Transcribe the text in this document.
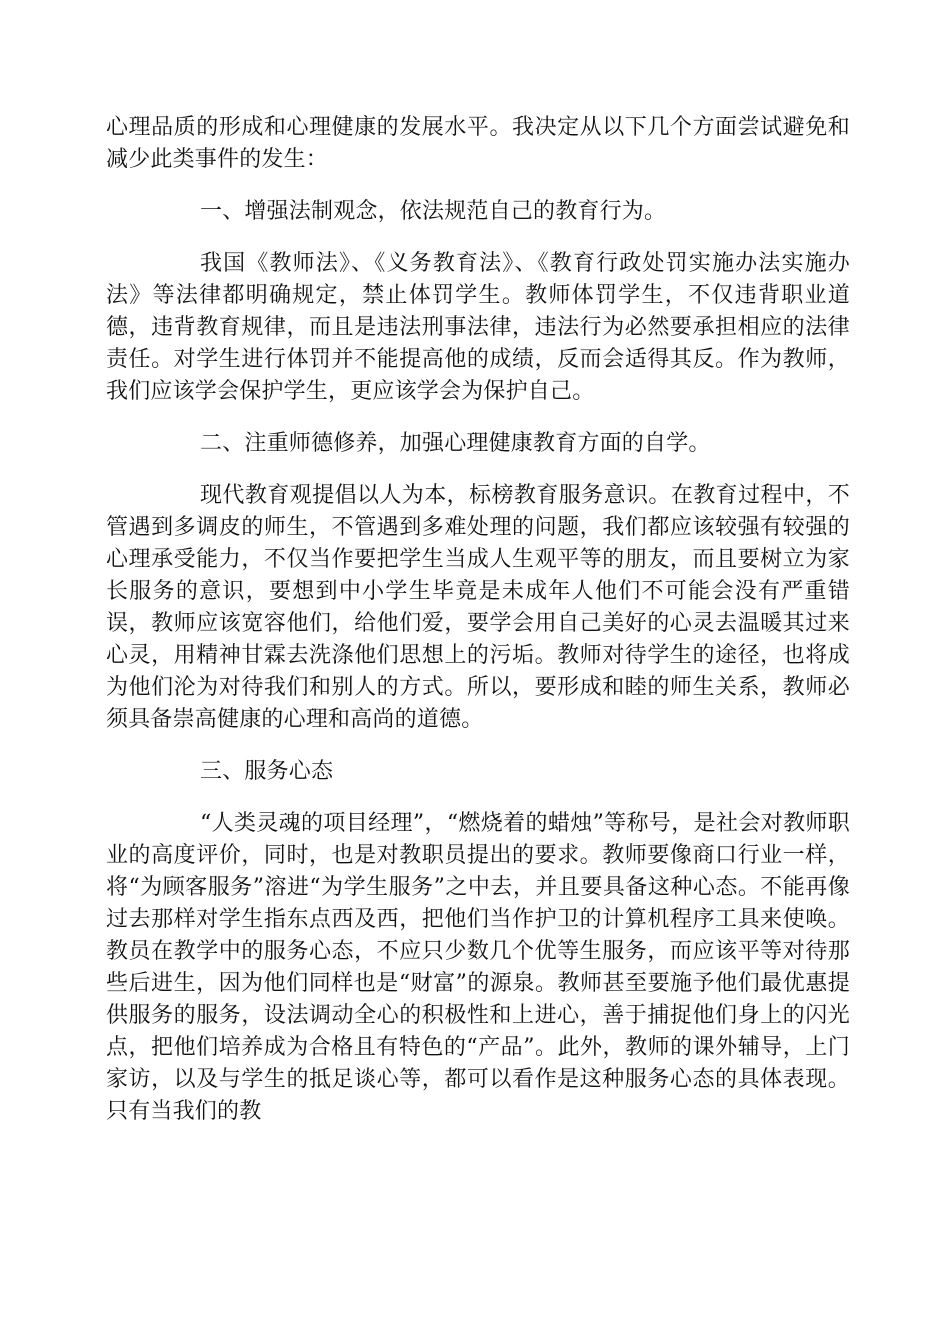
心理品质的形成和心理健康的发展水平。我决定从以下几个方面尝试避免和减少此类事件的发生：

一、增强法制观念，依法规范自己的教育行为。

我国《教师法》、《义务教育法》、《教育行政处罚实施办法实施办法》等法律都明确规定，禁止体罚学生。教师体罚学生，不仅违背职业道德，违背教育规律，而且是违法刑事法律，违法行为必然要承担相应的法律责任。对学生进行体罚并不能提高他的成绩，反而会适得其反。作为教师，我们应该学会保护学生，更应该学会为保护自己。

二、注重师德修养，加强心理健康教育方面的自学。

现代教育观提倡以人为本，标榜教育服务意识。在教育过程中，不管遇到多调皮的师生，不管遇到多难处理的问题，我们都应该较强有较强的心理承受能力，不仅当作要把学生当成人生观平等的朋友，而且要树立为家长服务的意识，要想到中小学生毕竟是未成年人他们不可能会没有严重错误，教师应该宽容他们，给他们爱，要学会用自己美好的心灵去温暖其过来心灵，用精神甘霖去洗涤他们思想上的污垢。教师对待学生的途径，也将成为他们沦为对待我们和别人的方式。所以，要形成和睦的师生关系，教师必须具备崇高健康的心理和高尚的道德。

三、服务心态

“人类灵魂的项目经理”，“燃烧着的蜡烛”等称号，是社会对教师职业的高度评价，同时，也是对教职员提出的要求。教师要像商口行业一样，将“为顾客服务”溶进“为学生服务”之中去，并且要具备这种心态。不能再像过去那样对学生指东点西及西，把他们当作护卫的计算机程序工具来使唤。教员在教学中的服务心态，不应只少数几个优等生服务，而应该平等对待那些后进生，因为他们同样也是“财富”的源泉。教师甚至要施予他们最优惠提供服务的服务，设法调动全心的积极性和上进心，善于捕捉他们身上的闪光点，把他们培养成为合格且有特色的“产品”。此外，教师的课外辅导，上门家访，以及与学生的抵足谈心等，都可以看作是这种服务心态的具体表现。只有当我们的教
